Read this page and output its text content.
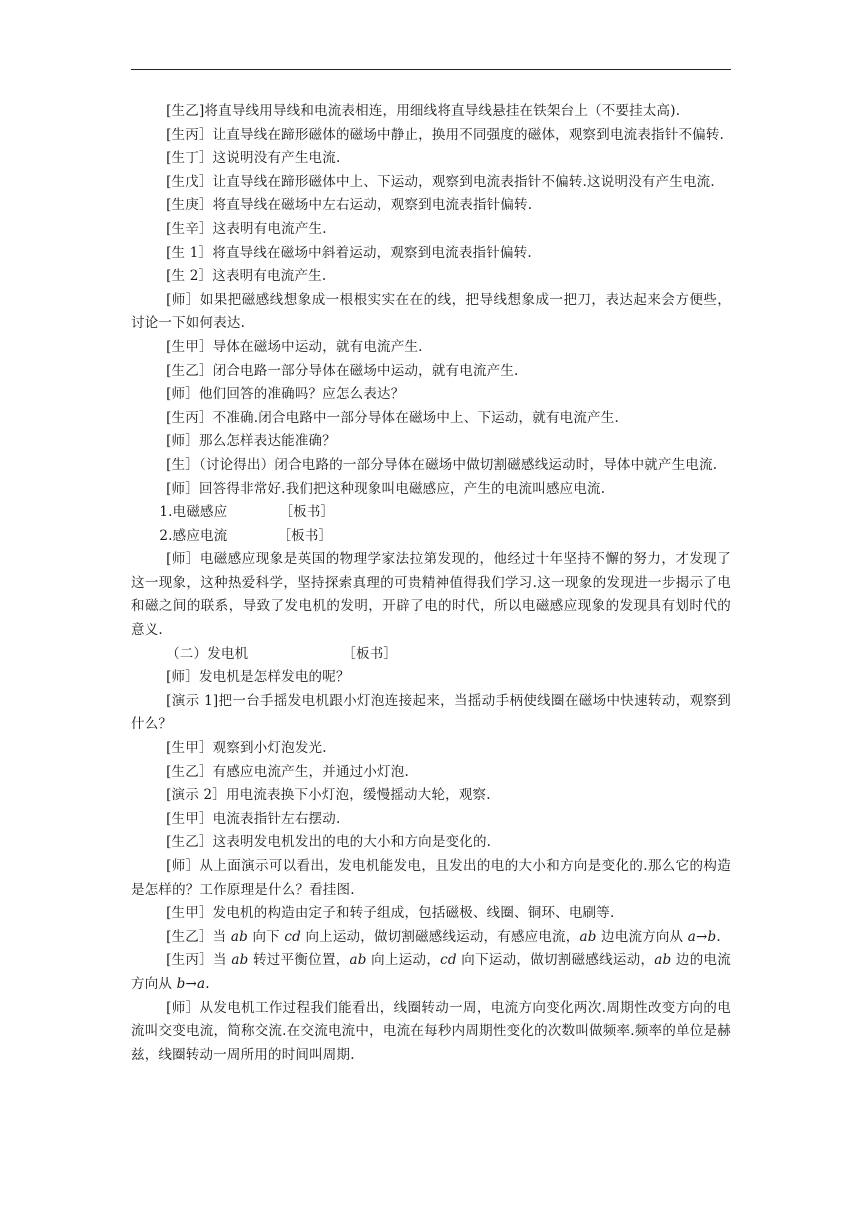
[生乙]将直导线用导线和电流表相连，用细线将直导线悬挂在铁架台上（不要挂太高).

[生丙］让直导线在蹄形磁体的磁场中静止，换用不同强度的磁体，观察到电流表指针不偏转.

[生丁］这说明没有产生电流.

[生戊］让直导线在蹄形磁体中上、下运动，观察到电流表指针不偏转.这说明没有产生电流.

[生庚］将直导线在磁场中左右运动，观察到电流表指针偏转.

[生辛］这表明有电流产生.

[生 1］将直导线在磁场中斜着运动，观察到电流表指针偏转.

[生 2］这表明有电流产生.

[师］如果把磁感线想象成一根根实实在在的线，把导线想象成一把刀，表达起来会方便些，讨论一下如何表达.

[生甲］导体在磁场中运动，就有电流产生.

[生乙］闭合电路一部分导体在磁场中运动，就有电流产生.

[师］他们回答的准确吗？应怎么表达？

[生丙］不准确.闭合电路中一部分导体在磁场中上、下运动，就有电流产生.

[师］那么怎样表达能准确？

[生］（讨论得出）闭合电路的一部分导体在磁场中做切割磁感线运动时，导体中就产生电流.

[师］回答得非常好.我们把这种现象叫电磁感应，产生的电流叫感应电流.

1.电磁感应	［板书］

2.感应电流	［板书］

[师］电磁感应现象是英国的物理学家法拉第发现的，他经过十年坚持不懈的努力，才发现了这一现象，这种热爱科学，坚持探索真理的可贵精神值得我们学习.这一现象的发现进一步揭示了电和磁之间的联系，导致了发电机的发明，开辟了电的时代，所以电磁感应现象的发现具有划时代的意义.

（二）发电机	［板书］

[师］发电机是怎样发电的呢？

[演示 1]把一台手摇发电机跟小灯泡连接起来，当摇动手柄使线圈在磁场中快速转动，观察到什么？

[生甲］观察到小灯泡发光.

[生乙］有感应电流产生，并通过小灯泡.

[演示 2］用电流表换下小灯泡，缓慢摇动大轮，观察.

[生甲］电流表指针左右摆动.

[生乙］这表明发电机发出的电的大小和方向是变化的.

[师］从上面演示可以看出，发电机能发电，且发出的电的大小和方向是变化的.那么它的构造是怎样的？工作原理是什么？看挂图.

[生甲］发电机的构造由定子和转子组成，包括磁极、线圈、铜环、电刷等.

[生乙］当 ab 向下 cd 向上运动，做切割磁感线运动，有感应电流，ab 边电流方向从 a→b.

[生丙］当 ab 转过平衡位置，ab 向上运动，cd 向下运动，做切割磁感线运动，ab 边的电流方向从 b→a.

[师］从发电机工作过程我们能看出，线圈转动一周，电流方向变化两次.周期性改变方向的电流叫交变电流，简称交流.在交流电流中，电流在每秒内周期性变化的次数叫做频率.频率的单位是赫兹，线圈转动一周所用的时间叫周期.
